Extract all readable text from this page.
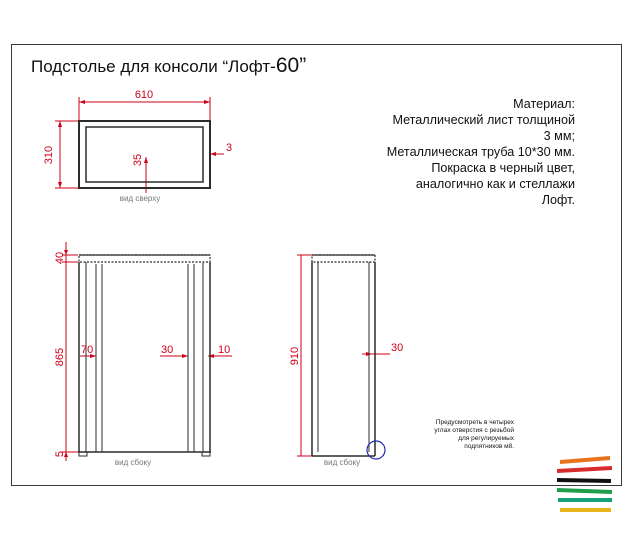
610
310	35
3
40
865
5
70	30	10	910	30
вид сверху
вид сбоку	вид сбоку
Подстолье для консоли “Лофт-60”
Материал:
Металлический лист толщиной
3 мм;
Металлическая труба 10*30 мм.
Покраска в черный цвет,
аналогично как и стеллажи
Лофт.
Предусмотреть в четырех
углах отверстия с резьбой
для регулируемых
подпятников м8.
